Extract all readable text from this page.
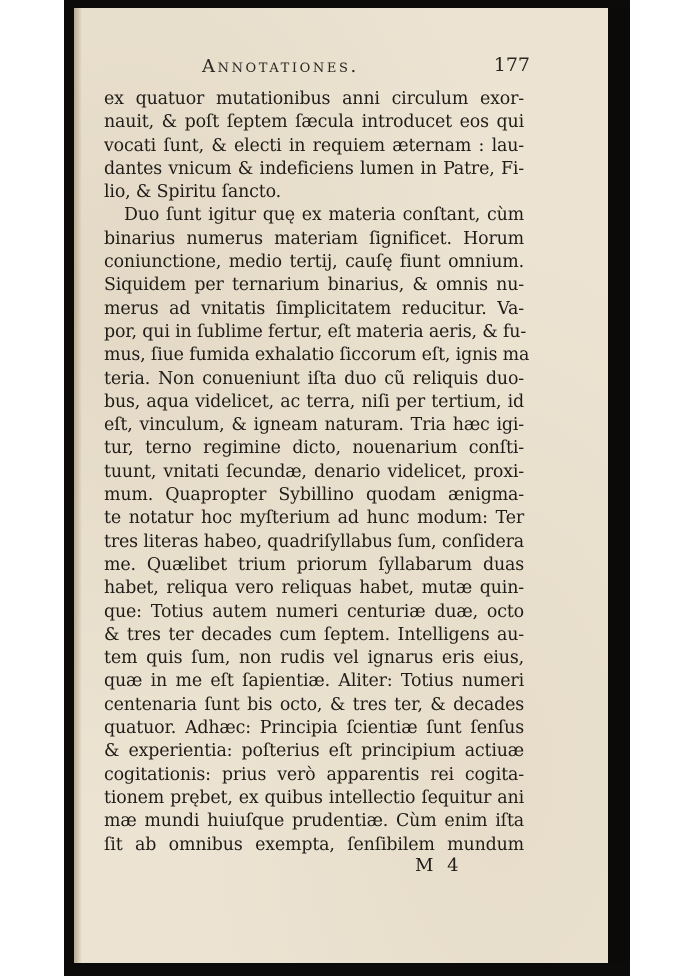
Annotationes.	177
ex quatuor mutationibus anni circulum exor-
nauit, & poſt ſeptem ſæcula introducet eos qui
vocati ſunt, & electi in requiem æternam : lau-
dantes vnicum & indeficiens lumen in Patre, Fi-
lio, & Spiritu ſancto.
Duo ſunt igitur quę ex materia conſtant, cùm
binarius numerus materiam ſignificet. Horum
coniunctione, medio tertij, cauſę fiunt omnium.
Siquidem per ternarium binarius, & omnis nu-
merus ad vnitatis ſimplicitatem reducitur. Va-
por, qui in ſublime fertur, eſt materia aeris, & fu-
mus, ſiue fumida exhalatio ſiccorum eſt, ignis ma
teria. Non conueniunt iſta duo cũ reliquis duo-
bus, aqua videlicet, ac terra, niſi per tertium, id
eſt, vinculum, & igneam naturam. Tria hæc igi-
tur, terno regimine dicto, nouenarium conſti-
tuunt, vnitati ſecundæ, denario videlicet, proxi-
mum. Quapropter Sybillino quodam ænigma-
te notatur hoc myſterium ad hunc modum: Ter
tres literas habeo, quadriſyllabus ſum, conſidera
me. Quælibet trium priorum ſyllabarum duas
habet, reliqua vero reliquas habet, mutæ quin-
que: Totius autem numeri centuriæ duæ, octo
& tres ter decades cum ſeptem. Intelligens au-
tem quis ſum, non rudis vel ignarus eris eius,
quæ in me eſt ſapientiæ. Aliter: Totius numeri
centenaria ſunt bis octo, & tres ter, & decades
quatuor. Adhæc: Principia ſcientiæ ſunt ſenſus
& experientia: poſterius eſt principium actiuæ
cogitationis: prius verò apparentis rei cogita-
tionem prębet, ex quibus intellectio ſequitur ani
mæ mundi huiuſque prudentiæ. Cùm enim iſta
ſit ab omnibus exempta, ſenſibilem mundum
M 4
